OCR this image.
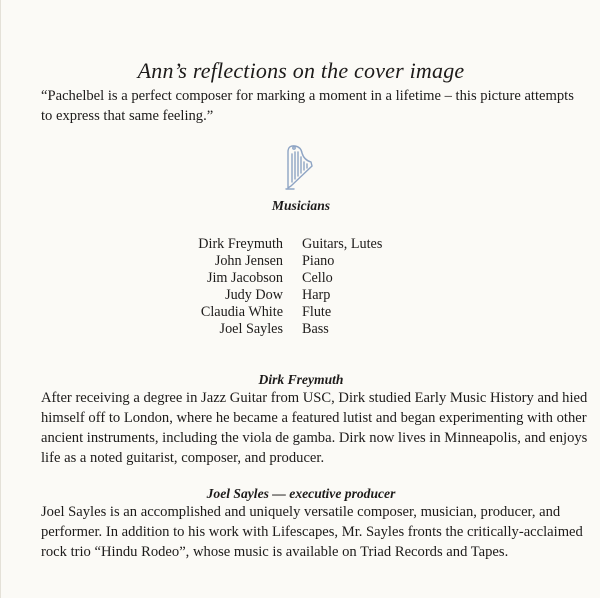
Ann’s reflections on the cover image
“Pachelbel is a perfect composer for marking a moment in a lifetime – this picture attempts to express that same feeling.”
Musicians
Dirk Freymuth Guitars, Lutes
John Jensen Piano
Jim Jacobson Cello
Judy Dow Harp
Claudia White Flute
Joel Sayles Bass
Dirk Freymuth
After receiving a degree in Jazz Guitar from USC, Dirk studied Early Music History and hied himself off to London, where he became a featured lutist and began experimenting with other ancient instruments, including the viola de gamba. Dirk now lives in Minneapolis, and enjoys life as a noted guitarist, composer, and producer.
Joel Sayles — executive producer
Joel Sayles is an accomplished and uniquely versatile composer, musician, producer, and performer. In addition to his work with Lifescapes, Mr. Sayles fronts the critically-acclaimed rock trio “Hindu Rodeo”, whose music is available on Triad Records and Tapes.
